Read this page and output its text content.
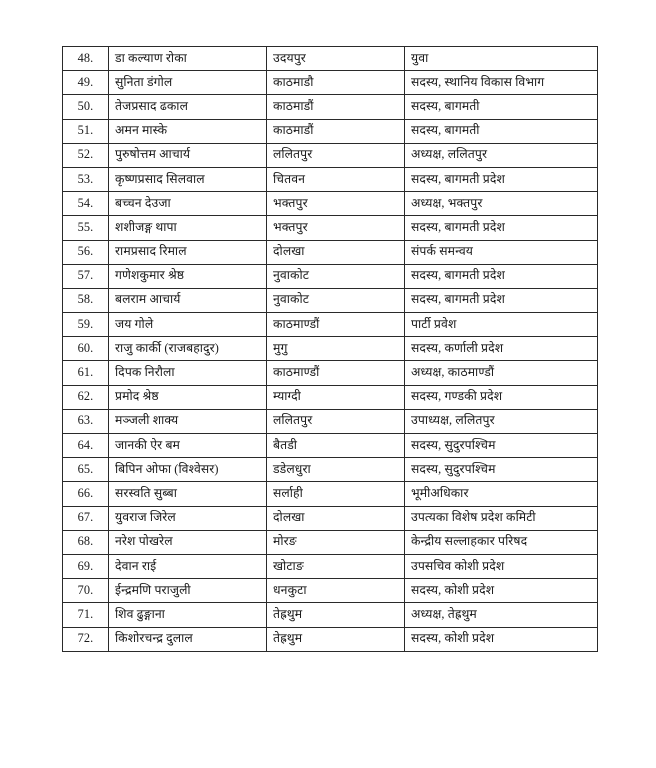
48.	डा कल्याण रोका	उदयपुर	युवा
49.	सुनिता डंगोल	काठमाडौ	सदस्य, स्थानिय विकास विभाग
50.	तेजप्रसाद ढकाल	काठमाडौं	सदस्य, बागमती
51.	अमन मास्के	काठमाडौं	सदस्य, बागमती
52.	पुरुषोत्तम आचार्य	ललितपुर	अध्यक्ष, ललितपुर
53.	कृष्णप्रसाद सिलवाल	चितवन	सदस्य, बागमती प्रदेश
54.	बच्चन देउजा	भक्तपुर	अध्यक्ष, भक्तपुर
55.	शशीजङ्ग थापा	भक्तपुर	सदस्य, बागमती प्रदेश
56.	रामप्रसाद रिमाल	दोलखा	संपर्क समन्वय
57.	गणेशकुमार श्रेष्ठ	नुवाकोट	सदस्य, बागमती प्रदेश
58.	बलराम आचार्य	नुवाकोट	सदस्य, बागमती प्रदेश
59.	जय गोले	काठमाण्डौं	पार्टी प्रवेश
60.	राजु कार्की (राजबहादुर)	मुगु	सदस्य, कर्णाली प्रदेश
61.	दिपक निरौला	काठमाण्डौं	अध्यक्ष, काठमाण्डौं
62.	प्रमोद श्रेष्ठ	म्याग्दी	सदस्य, गण्डकी प्रदेश
63.	मञ्जली शाक्य	ललितपुर	उपाध्यक्ष, ललितपुर
64.	जानकी ऐर बम	बैतडी	सदस्य, सुदुरपश्चिम
65.	बिपिन ओफा (विश्वेसर)	डडेलधुरा	सदस्य, सुदुरपश्चिम
66.	सरस्वति सुब्बा	सर्लाही	भूमीअधिकार
67.	युवराज जिरेल	दोलखा	उपत्यका विशेष प्रदेश कमिटी
68.	नरेश पोखरेल	मोरङ	केन्द्रीय सल्लाहकार परिषद
69.	देवान राई	खोटाङ	उपसचिव कोशी प्रदेश
70.	ईन्द्रमणि पराजुली	धनकुटा	सदस्य, कोशी प्रदेश
71.	शिव ढुङ्गाना	तेह्रथुम	अध्यक्ष, तेह्रथुम
72.	किशोरचन्द्र दुलाल	तेह्रथुम	सदस्य, कोशी प्रदेश
